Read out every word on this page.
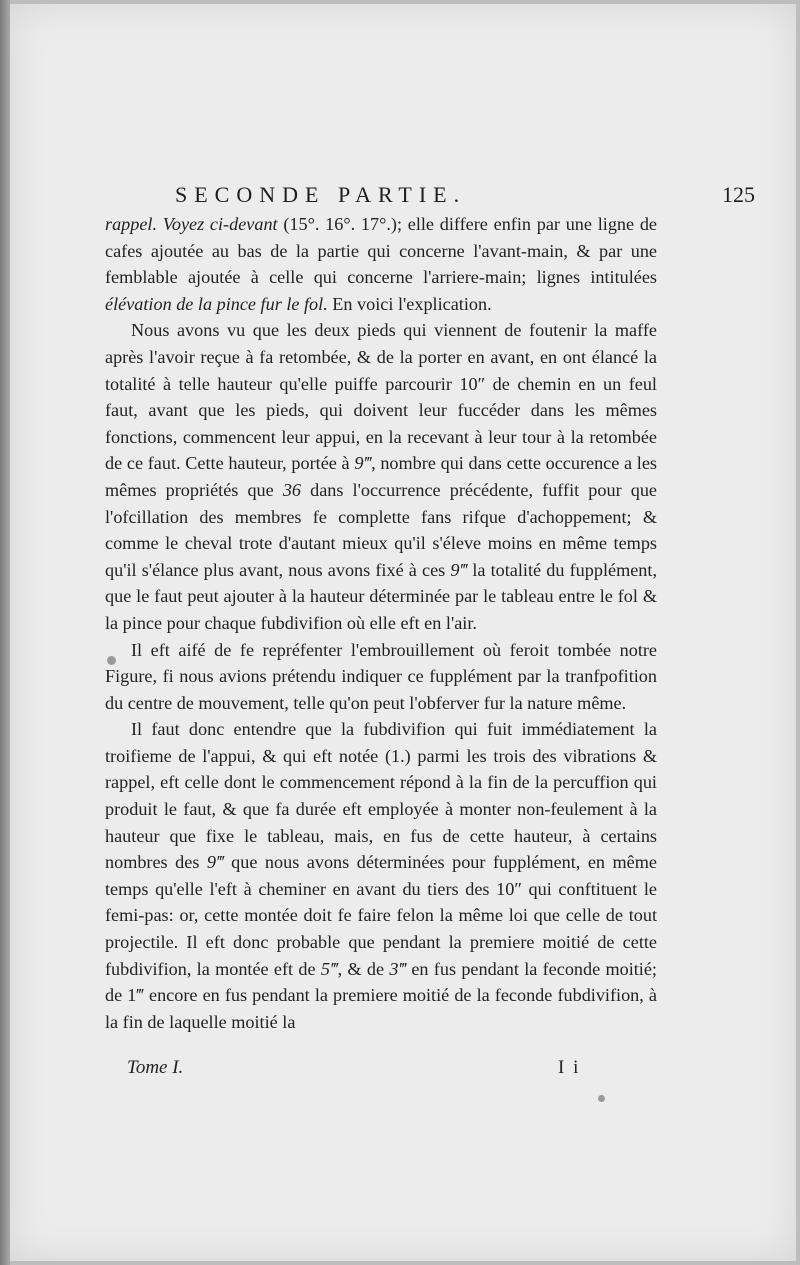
SECONDE PARTIE.	125

rappel. Voyez ci-devant (15°. 16°. 17°.); elle differe enfin par une ligne de cafes ajoutée au bas de la partie qui concerne l'avant-main, & par une femblable ajoutée à celle qui concerne l'arriere-main; lignes intitulées élévation de la pince fur le fol. En voici l'explication.

Nous avons vu que les deux pieds qui viennent de foutenir la maffe après l'avoir reçue à fa retombée, & de la porter en avant, en ont élancé la totalité à telle hauteur qu'elle puiffe parcourir 10″ de chemin en un feul faut, avant que les pieds, qui doivent leur fuccéder dans les mêmes fonctions, commencent leur appui, en la recevant à leur tour à la retombée de ce faut. Cette hauteur, portée à 9‴, nombre qui dans cette occurence a les mêmes propriétés que 36 dans l'occurrence précédente, fuffit pour que l'ofcillation des membres fe complette fans rifque d'achoppement; & comme le cheval trote d'autant mieux qu'il s'éleve moins en même temps qu'il s'élance plus avant, nous avons fixé à ces 9‴ la totalité du fupplément, que le faut peut ajouter à la hauteur déterminée par le tableau entre le fol & la pince pour chaque fubdivifion où elle eft en l'air.

Il eft aifé de fe repréfenter l'embrouillement où feroit tombée notre Figure, fi nous avions prétendu indiquer ce fupplément par la tranfpofition du centre de mouvement, telle qu'on peut l'obferver fur la nature même.

Il faut donc entendre que la fubdivifion qui fuit immédiatement la troifieme de l'appui, & qui eft notée (1.) parmi les trois des vibrations & rappel, eft celle dont le commencement répond à la fin de la percuffion qui produit le faut, & que fa durée eft employée à monter non-feulement à la hauteur que fixe le tableau, mais, en fus de cette hauteur, à certains nombres des 9‴ que nous avons déterminées pour fupplément, en même temps qu'elle l'eft à cheminer en avant du tiers des 10″ qui conftituent le femi-pas: or, cette montée doit fe faire felon la même loi que celle de tout projectile. Il eft donc probable que pendant la premiere moitié de cette fubdivifion, la montée eft de 5‴, & de 3‴ en fus pendant la feconde moitié; de 1‴ encore en fus pendant la premiere moitié de la feconde fubdivifion, à la fin de laquelle moitié la

Tome I.	I i
